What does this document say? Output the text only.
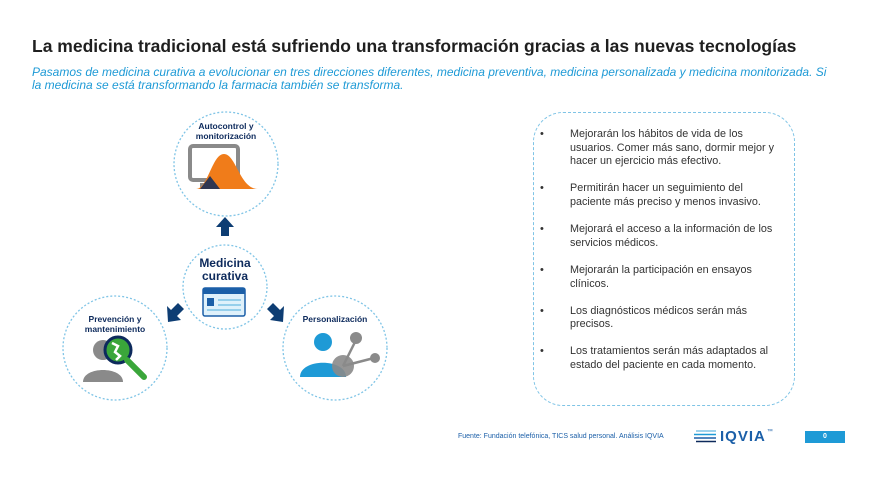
La medicina tradicional está sufriendo una transformación gracias a las nuevas tecnologías
Pasamos de medicina curativa a evolucionar en tres direcciones diferentes, medicina preventiva, medicina personalizada y medicina monitorizada. Si la medicina se está transformando la farmacia también se transforma.
Autocontrol y
monitorización
Medicina
curativa
Prevención y
mantenimiento
Personalización
• Mejorarán los hábitos de vida de los usuarios. Comer más sano, dormir mejor y hacer un ejercicio más efectivo.
• Permitirán hacer un seguimiento del paciente más preciso y menos invasivo.
• Mejorará el acceso a la información de los servicios médicos.
• Mejorarán la participación en ensayos clínicos.
• Los diagnósticos médicos serán más precisos.
• Los tratamientos serán más adaptados al estado del paciente en cada momento.
Fuente: Fundación telefónica, TICS salud personal. Análisis IQVIA	IQVIA ™
0
